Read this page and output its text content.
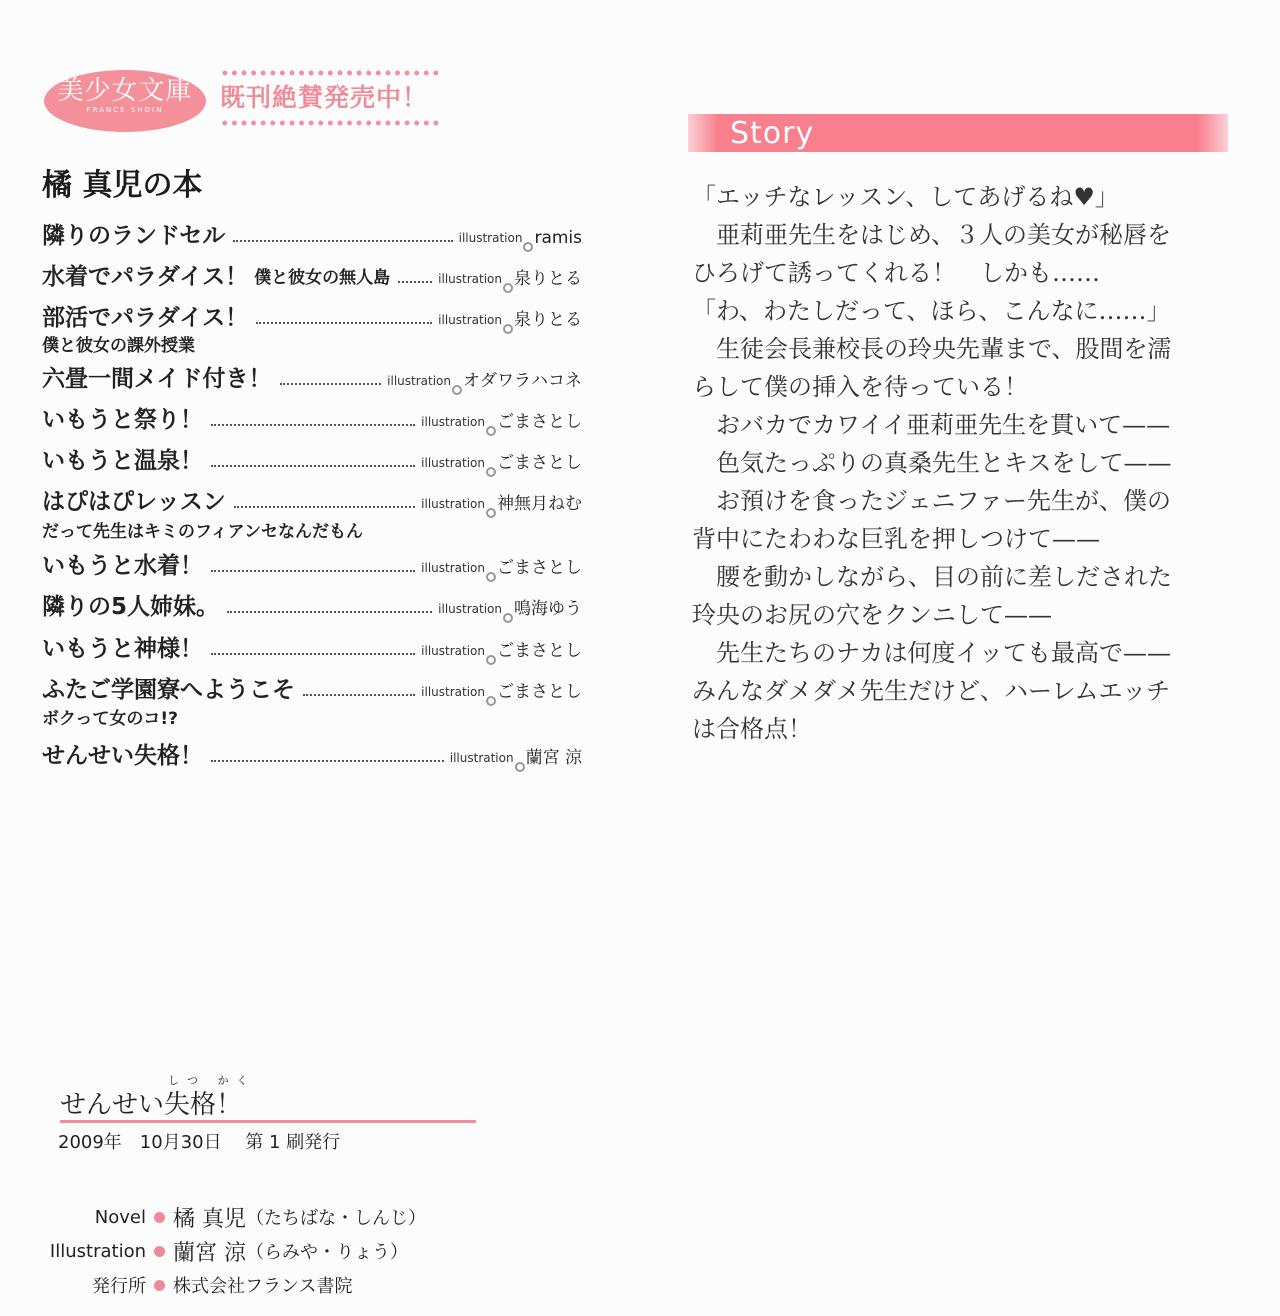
美少女文庫
FRANCE SHOIN	既刊絶賛発売中！
橘 真児の本
隣りのランドセル	illustration ramis
水着でパラダイス！ 僕と彼女の無人島	illustration 泉りとる
部活でパラダイス！	illustration 泉りとる
僕と彼女の課外授業
六畳一間メイド付き！	illustration オダワラハコネ
いもうと祭り！	illustration ごまさとし
いもうと温泉！	illustration ごまさとし
はぴはぴレッスン	illustration 神無月ねむ
だって先生はキミのフィアンセなんだもん
いもうと水着！	illustration ごまさとし
隣りの5人姉妹。	illustration 鳴海ゆう
いもうと神様！	illustration ごまさとし
ふたご学園寮へようこそ	illustration ごまさとし
ボクって女のコ!?
せんせい失格！	illustration 蘭宮 涼
Story
「エッチなレッスン、してあげるね♥」
　亜莉亜先生をはじめ、３人の美女が秘唇を
ひろげて誘ってくれる！　しかも……
「わ、わたしだって、ほら、こんなに……」
　生徒会長兼校長の玲央先輩まで、股間を濡
らして僕の挿入を待っている！
　おバカでカワイイ亜莉亜先生を貫いて——
　色気たっぷりの真桑先生とキスをして——
　お預けを食ったジェニファー先生が、僕の
背中にたわわな巨乳を押しつけて——
　腰を動かしながら、目の前に差しだされた
玲央のお尻の穴をクンニして——
　先生たちのナカは何度イッても最高で——
みんなダメダメ先生だけど、ハーレムエッチ
は合格点！
しつ かく
せんせい失格！
2009年　10月30日　 第 1 刷発行
Novel 橘 真児 （たちばな・しんじ）
Illustration 蘭宮 涼 （らみや・りょう）
発行所 株式会社フランス書院
